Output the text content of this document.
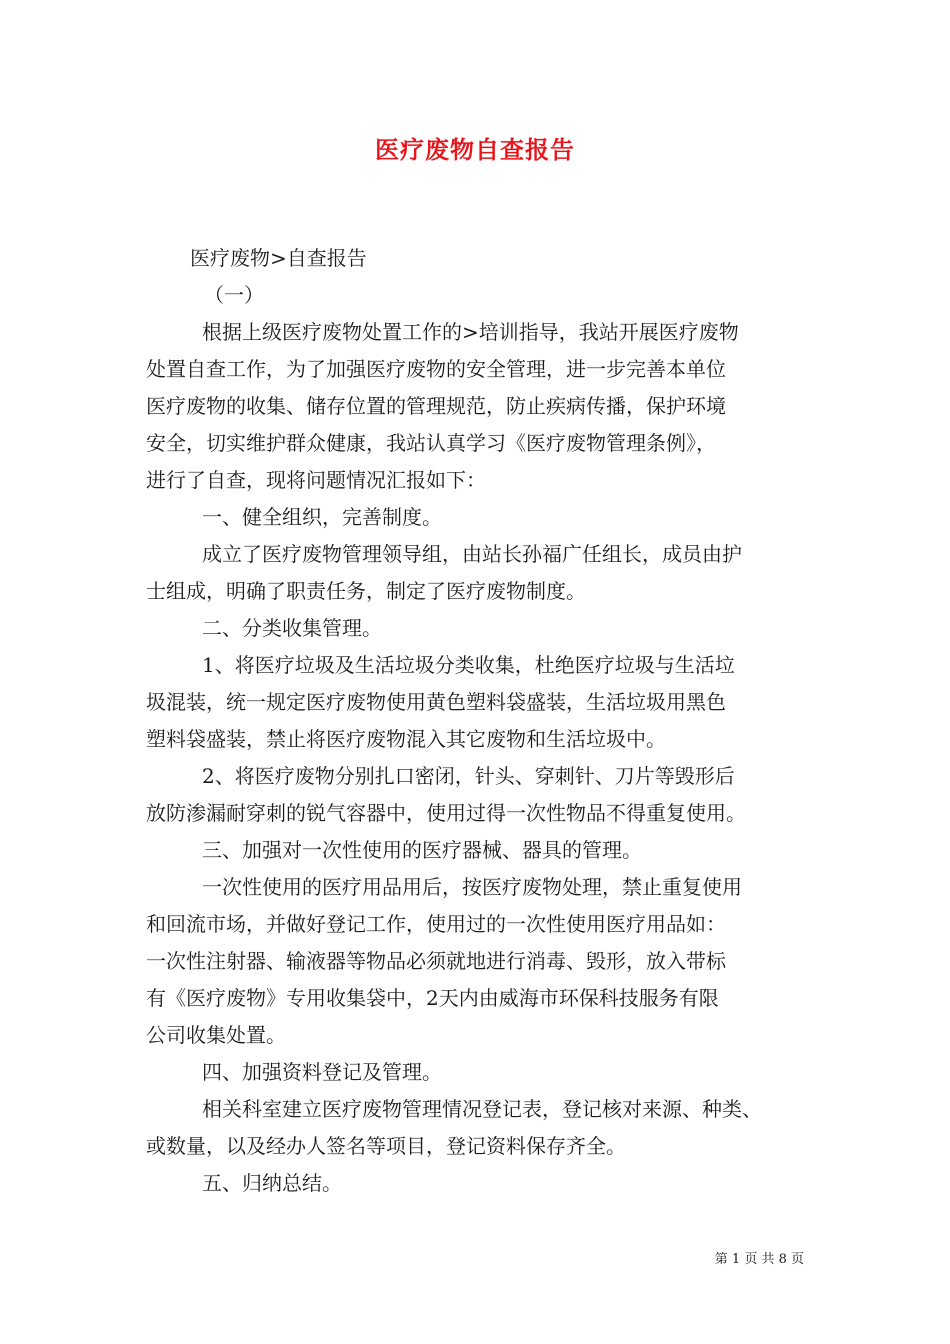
医疗废物自查报告
医疗废物>自查报告
（一）
根据上级医疗废物处置工作的>培训指导，我站开展医疗废物
处置自查工作，为了加强医疗废物的安全管理，进一步完善本单位
医疗废物的收集、储存位置的管理规范，防止疾病传播，保护环境
安全，切实维护群众健康，我站认真学习《医疗废物管理条例》，
进行了自查，现将问题情况汇报如下：
一、健全组织，完善制度。
成立了医疗废物管理领导组，由站长孙福广任组长，成员由护
士组成，明确了职责任务，制定了医疗废物制度。
二、分类收集管理。
1、将医疗垃圾及生活垃圾分类收集，杜绝医疗垃圾与生活垃
圾混装，统一规定医疗废物使用黄色塑料袋盛装，生活垃圾用黑色
塑料袋盛装，禁止将医疗废物混入其它废物和生活垃圾中。
2、将医疗废物分别扎口密闭，针头、穿刺针、刀片等毁形后
放防渗漏耐穿刺的锐气容器中，使用过得一次性物品不得重复使用。
三、加强对一次性使用的医疗器械、器具的管理。
一次性使用的医疗用品用后，按医疗废物处理，禁止重复使用
和回流市场，并做好登记工作，使用过的一次性使用医疗用品如：
一次性注射器、输液器等物品必须就地进行消毒、毁形，放入带标
有《医疗废物》专用收集袋中，2天内由威海市环保科技服务有限
公司收集处置。
四、加强资料登记及管理。
相关科室建立医疗废物管理情况登记表，登记核对来源、种类、
或数量，以及经办人签名等项目，登记资料保存齐全。
五、归纳总结。
第 1 页 共 8 页
